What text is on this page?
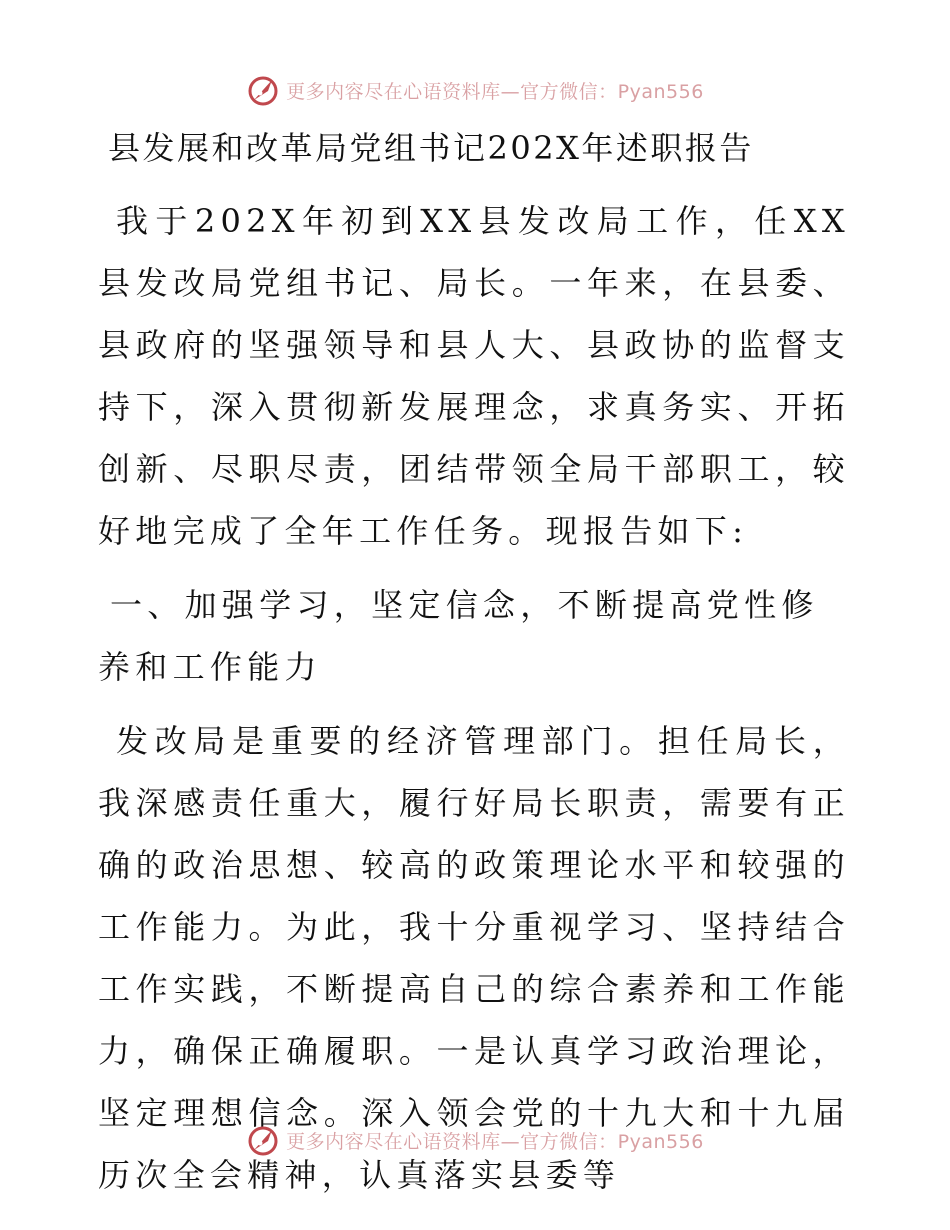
更多内容尽在心语资料库—官方微信：Pyan556
县发展和改革局党组书记202X年述职报告

我于202X年初到XX县发改局工作，任XX县发改局党组书记、局长。一年来，在县委、县政府的坚强领导和县人大、县政协的监督支持下，深入贯彻新发展理念，求真务实、开拓创新、尽职尽责，团结带领全局干部职工，较好地完成了全年工作任务。现报告如下:

一、加强学习，坚定信念，不断提高党性修养和工作能力

发改局是重要的经济管理部门。担任局长，我深感责任重大，履行好局长职责，需要有正确的政治思想、较高的政策理论水平和较强的工作能力。为此，我十分重视学习、坚持结合工作实践，不断提高自己的综合素养和工作能力，确保正确履职。一是认真学习政治理论，坚定理想信念。深入领会党的十九大和十九届历次全会精神，认真落实县委等

更多内容尽在心语资料库—官方微信：Pyan556
